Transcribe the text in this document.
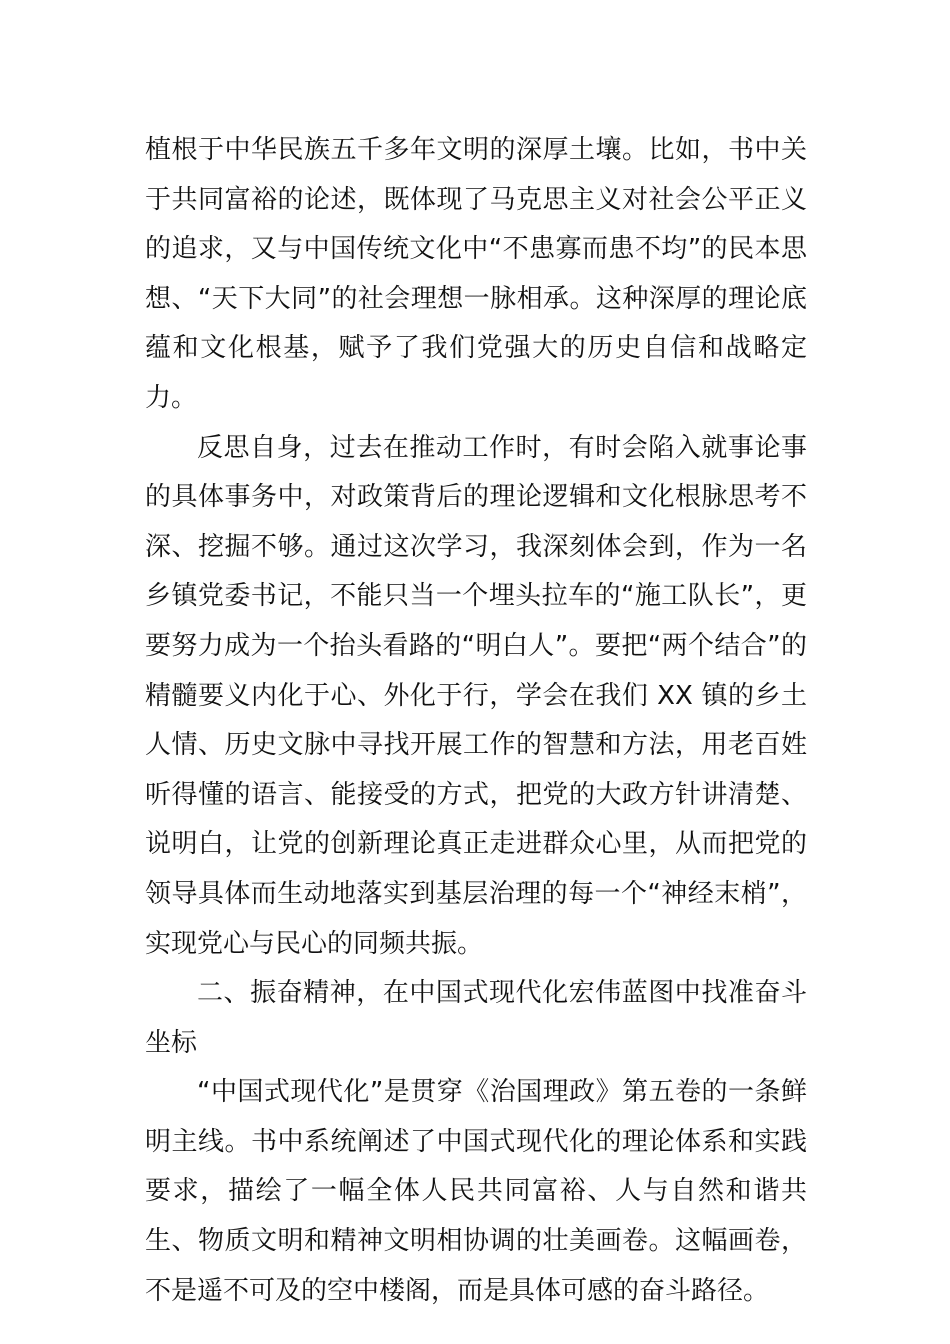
植根于中华民族五千多年文明的深厚土壤。比如，书中关于共同富裕的论述，既体现了马克思主义对社会公平正义的追求，又与中国传统文化中“不患寡而患不均”的民本思想、“天下大同”的社会理想一脉相承。这种深厚的理论底蕴和文化根基，赋予了我们党强大的历史自信和战略定力。

反思自身，过去在推动工作时，有时会陷入就事论事的具体事务中，对政策背后的理论逻辑和文化根脉思考不深、挖掘不够。通过这次学习，我深刻体会到，作为一名乡镇党委书记，不能只当一个埋头拉车的“施工队长”，更要努力成为一个抬头看路的“明白人”。要把“两个结合”的精髓要义内化于心、外化于行，学会在我们 XX 镇的乡土人情、历史文脉中寻找开展工作的智慧和方法，用老百姓听得懂的语言、能接受的方式，把党的大政方针讲清楚、说明白，让党的创新理论真正走进群众心里，从而把党的领导具体而生动地落实到基层治理的每一个“神经末梢”，实现党心与民心的同频共振。

二、振奋精神，在中国式现代化宏伟蓝图中找准奋斗坐标

“中国式现代化”是贯穿《治国理政》第五卷的一条鲜明主线。书中系统阐述了中国式现代化的理论体系和实践要求，描绘了一幅全体人民共同富裕、人与自然和谐共生、物质文明和精神文明相协调的壮美画卷。这幅画卷，不是遥不可及的空中楼阁，而是具体可感的奋斗路径。
